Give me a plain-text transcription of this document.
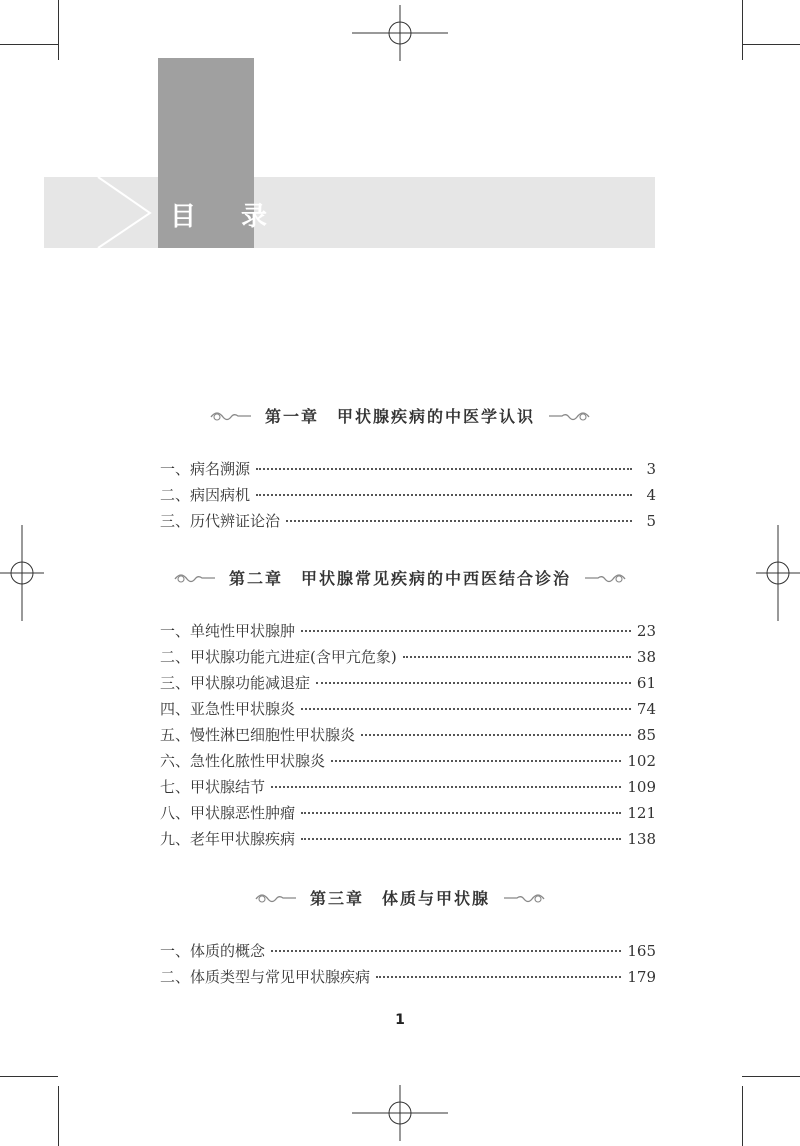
目 录
第一章　甲状腺疾病的中医学认识
一、病名溯源	3
二、病因病机	4
三、历代辨证论治	5
第二章　甲状腺常见疾病的中西医结合诊治
一、单纯性甲状腺肿	23
二、甲状腺功能亢进症(含甲亢危象)	38
三、甲状腺功能减退症	61
四、亚急性甲状腺炎	74
五、慢性淋巴细胞性甲状腺炎	85
六、急性化脓性甲状腺炎	102
七、甲状腺结节	109
八、甲状腺恶性肿瘤	121
九、老年甲状腺疾病	138
第三章　体质与甲状腺
一、体质的概念	165
二、体质类型与常见甲状腺疾病	179
1
